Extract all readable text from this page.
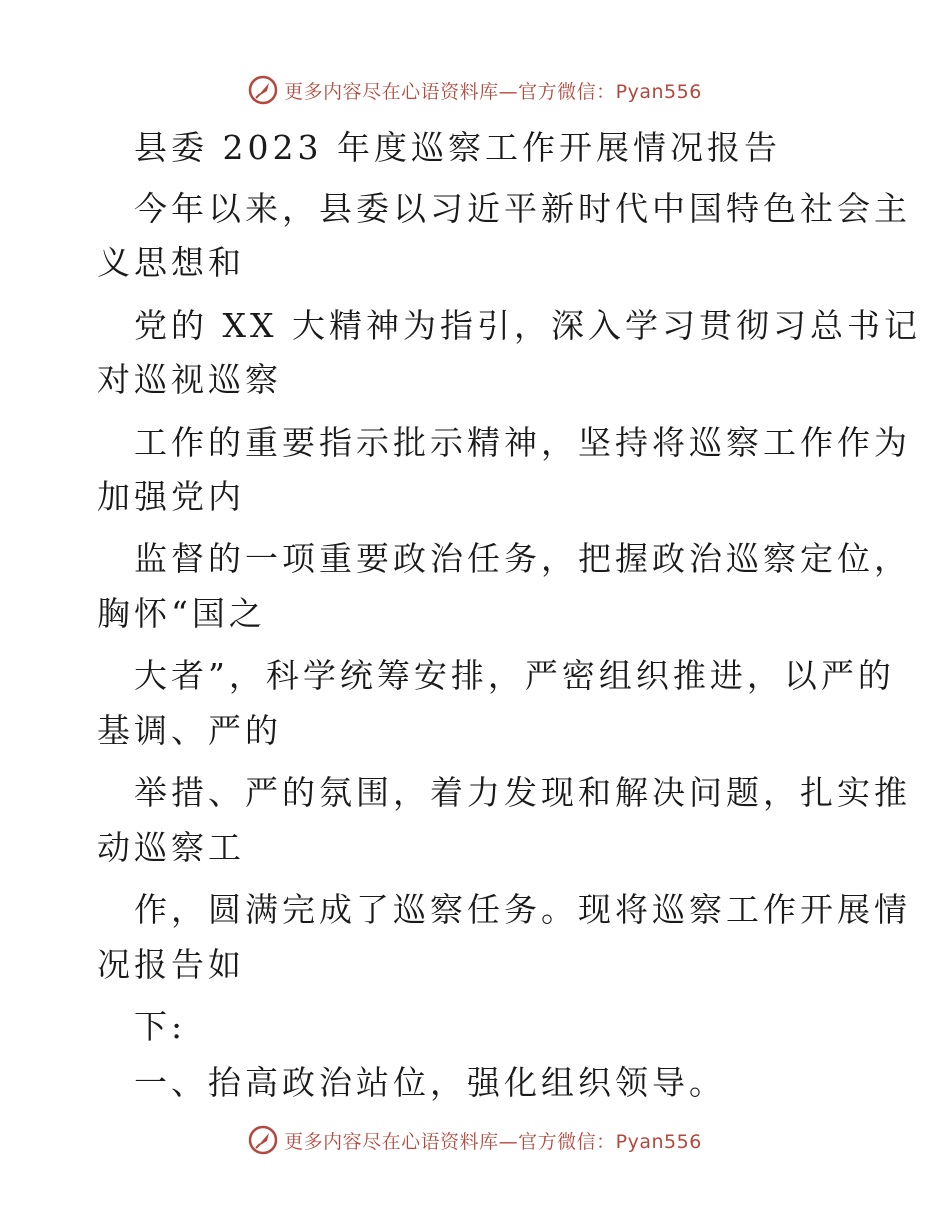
更多内容尽在心语资料库—官方微信：Pyan556
县委 2023 年度巡察工作开展情况报告
今年以来，县委以习近平新时代中国特色社会主
义思想和
党的 XX 大精神为指引，深入学习贯彻习总书记
对巡视巡察
工作的重要指示批示精神，坚持将巡察工作作为
加强党内
监督的一项重要政治任务，把握政治巡察定位，
胸怀“国之
大者”，科学统筹安排，严密组织推进，以严的
基调、严的
举措、严的氛围，着力发现和解决问题，扎实推
动巡察工
作，圆满完成了巡察任务。现将巡察工作开展情
况报告如
下:
一、抬高政治站位，强化组织领导。
更多内容尽在心语资料库—官方微信：Pyan556
